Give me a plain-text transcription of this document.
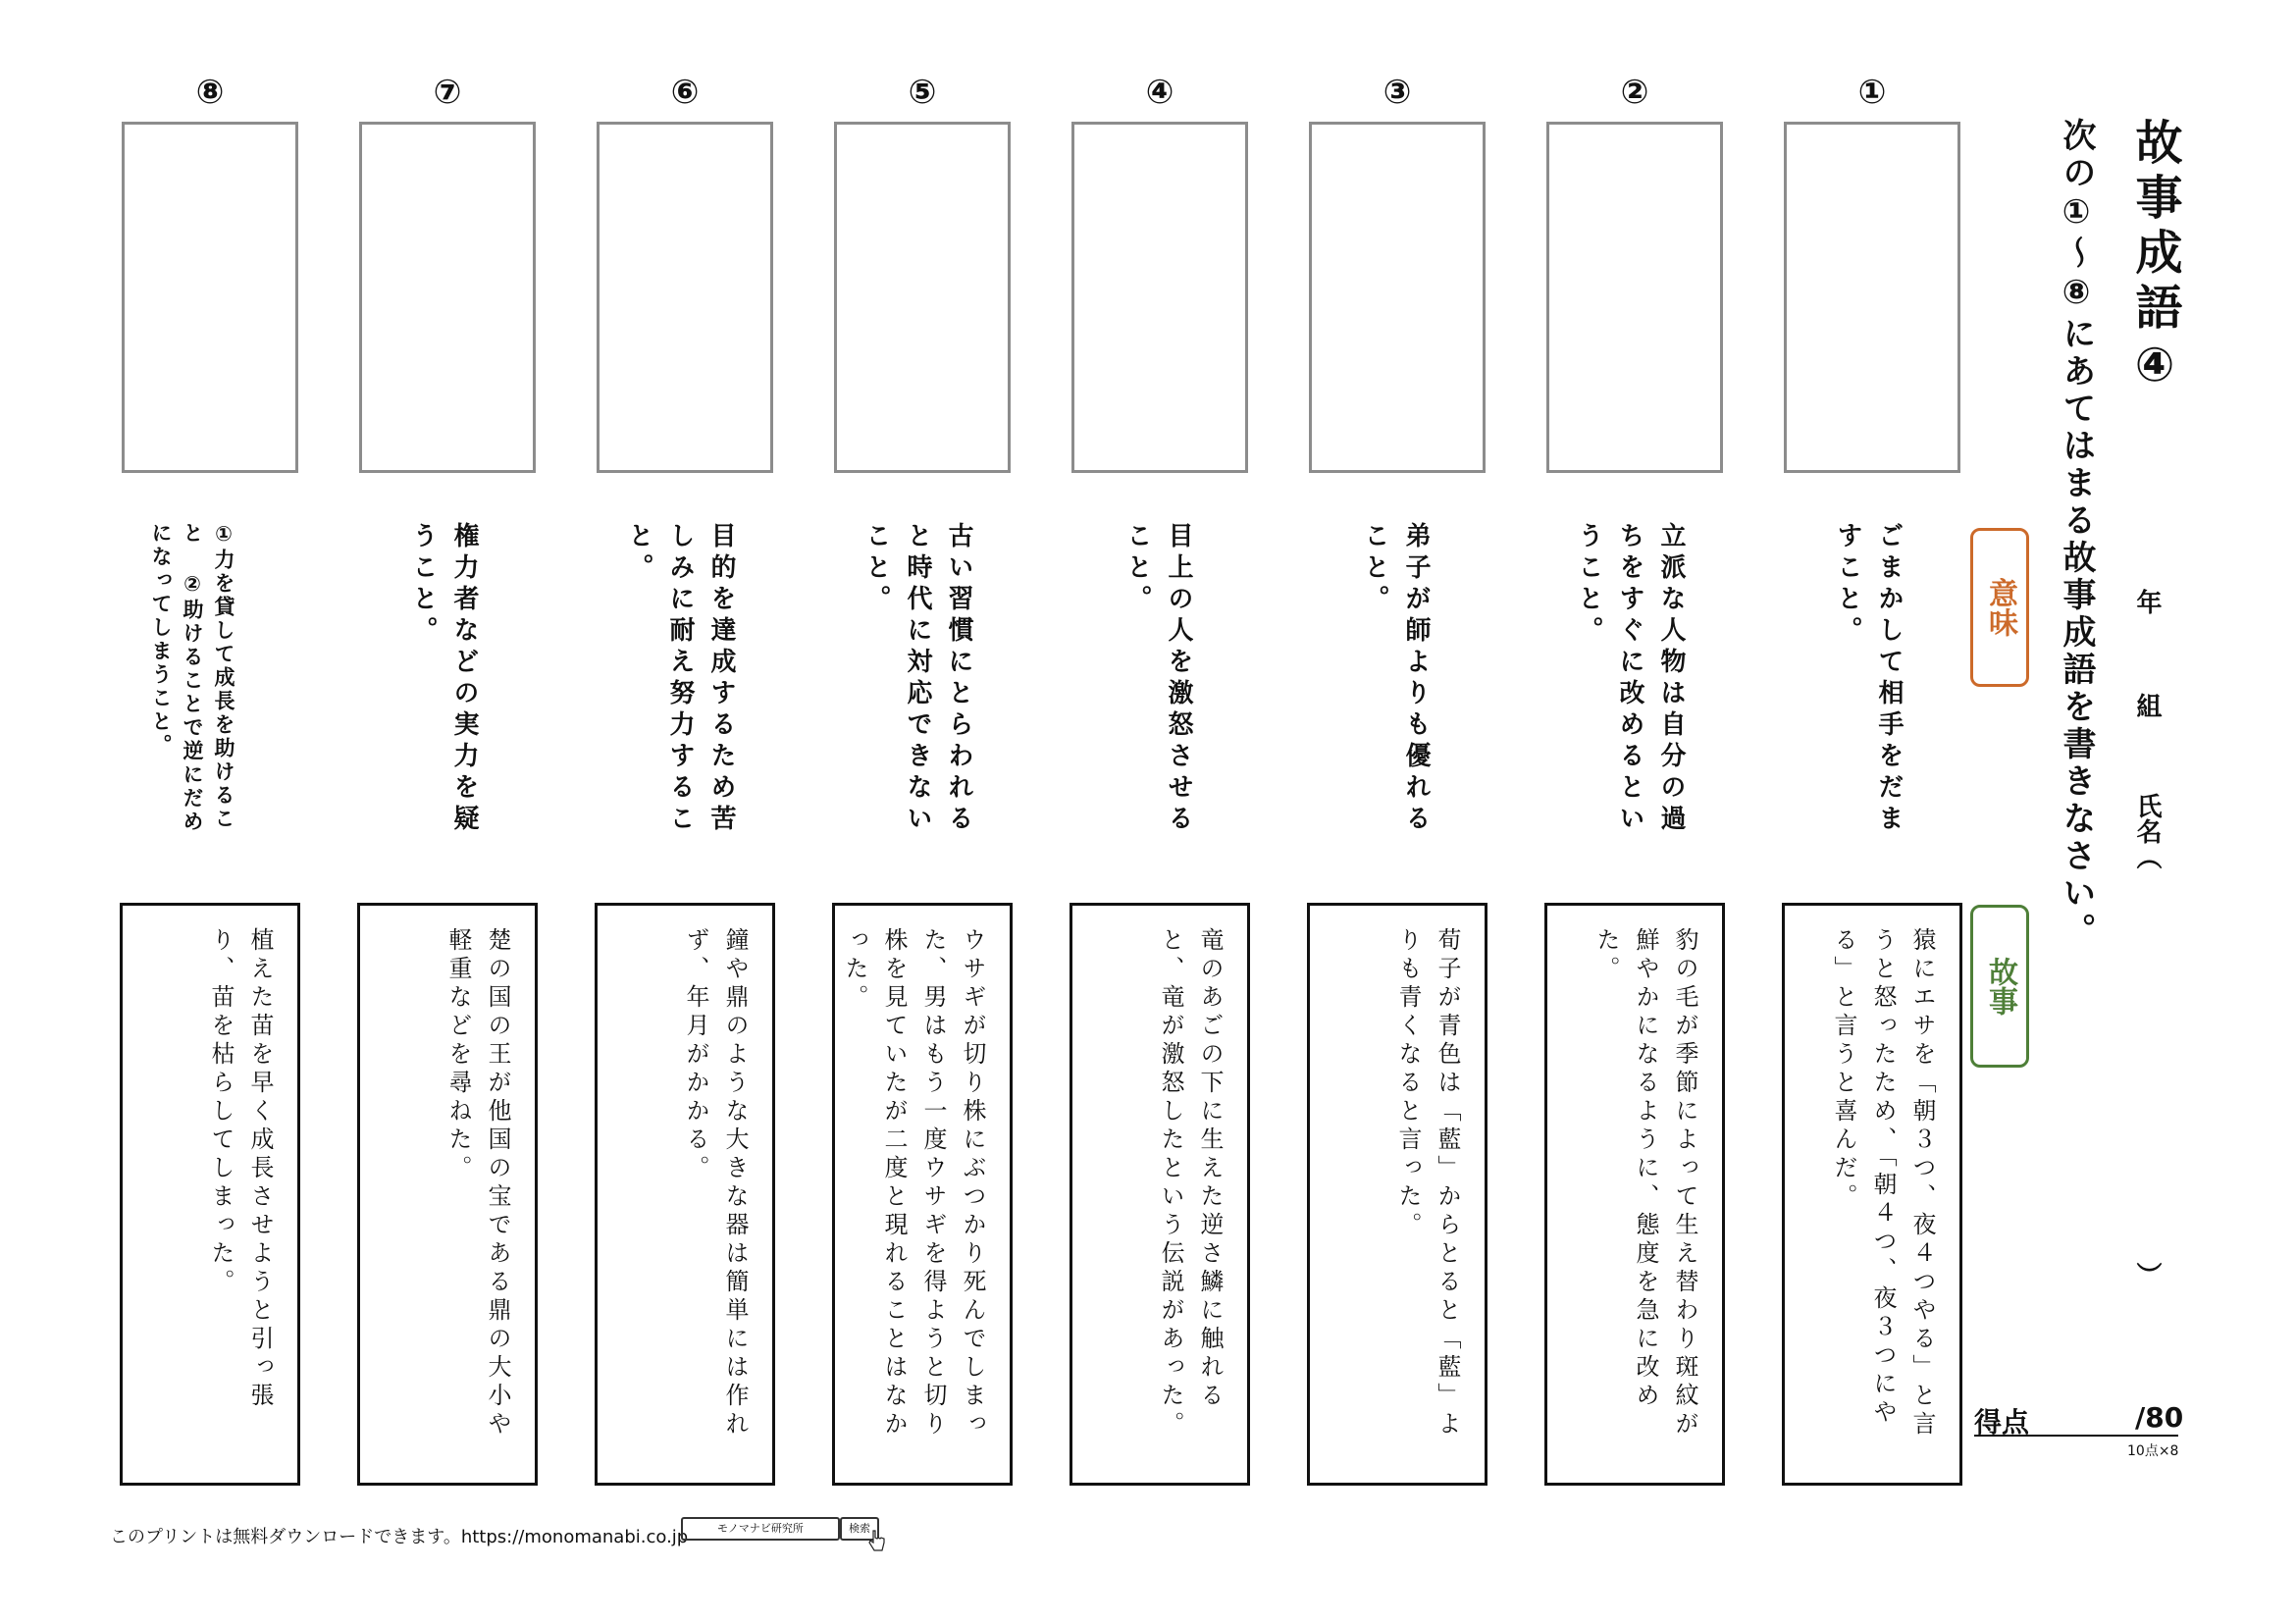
故事成語④
次の①〜⑧にあてはまる故事成語を書きなさい。 年
組
氏名（
）
意味
故事
①
ごまかして相手をだますこと。
猿にエサを「朝３つ、夜４つやる」と言うと怒ったため、「朝４つ、夜３つにやる」と言うと喜んだ。
②
立派な人物は自分の過ちをすぐに改めるということ。
豹の毛が季節によって生え替わり斑紋が鮮やかになるように、態度を急に改めた。
③
弟子が師よりも優れること。
荀子が青色は「藍」からとると「藍」よりも青くなると言った。
④
目上の人を激怒させること。
竜のあごの下に生えた逆さ鱗に触れると、竜が激怒したという伝説があった。
⑤
古い習慣にとらわれると時代に対応できないこと。
ウサギが切り株にぶつかり死んでしまった、男はもう一度ウサギを得ようと切り株を見ていたが二度と現れることはなかった。
⑥
目的を達成するため苦しみに耐え努力すること。
鐘や鼎のような大きな器は簡単には作れず、年月がかかる。
⑦
権力者などの実力を疑うこと。
楚の国の王が他国の宝である鼎の大小や軽重などを尋ねた。
⑧
①力を貸して成長を助けること ②助けることで逆にだめになってしまうこと。
植えた苗を早く成長させようと引っ張り、苗を枯らしてしまった。
得点	/80
10点×8
このプリントは無料ダウンロードできます。https://monomanabi.co.jp	モノマナビ研究所	検索
